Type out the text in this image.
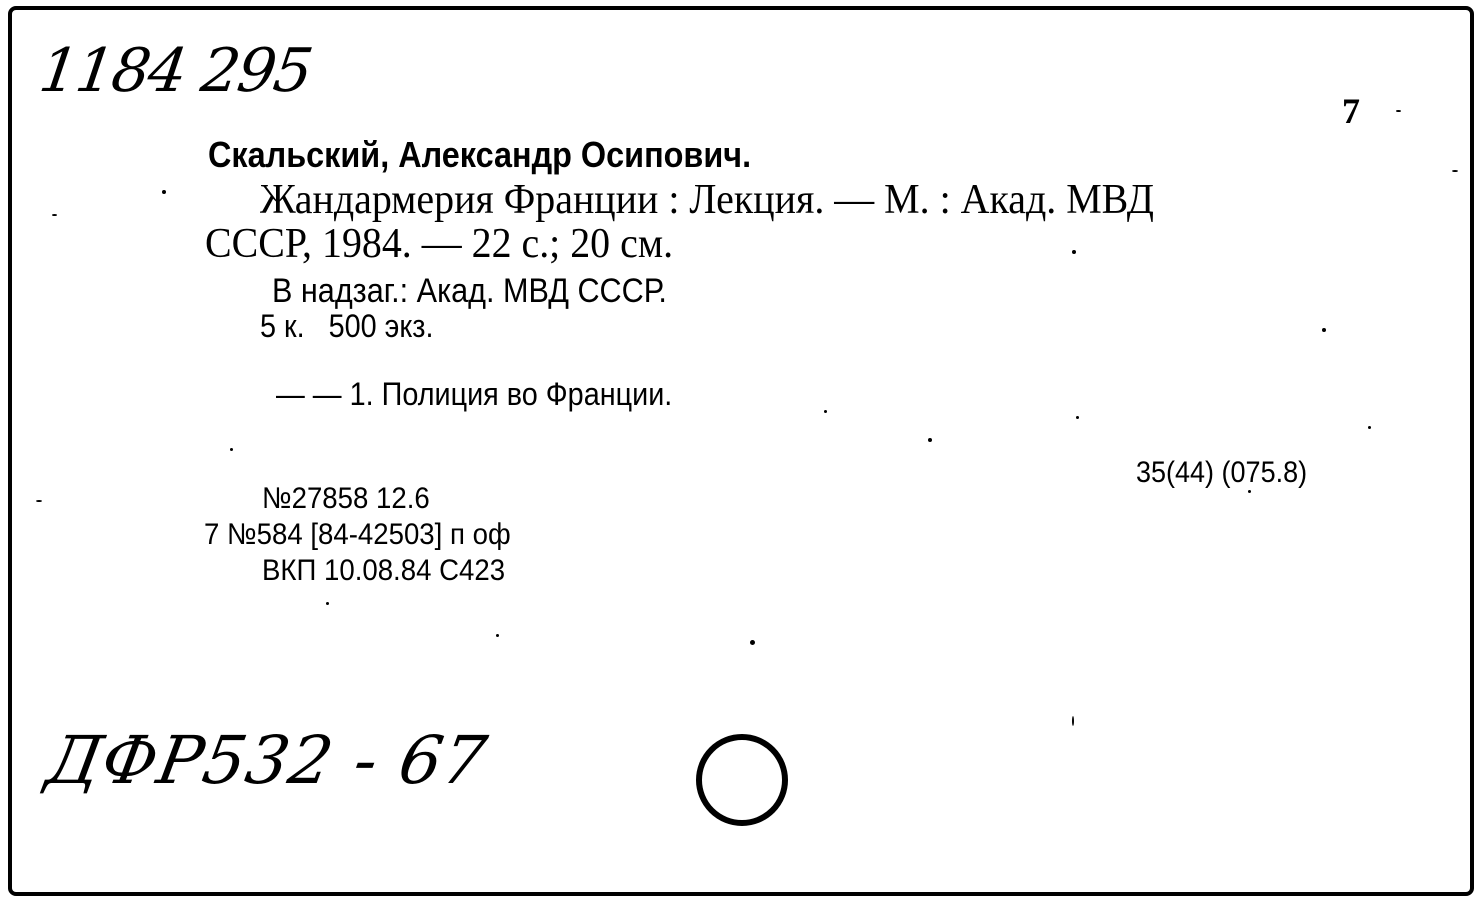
1184 295
7
Скальский, Александр Осипович.
Жандармерия Франции : Лекция. — М. : Акад. МВД
СССР, 1984. — 22 с.; 20 см.
В надзаг.: Акад. МВД СССР.
5 к.   500 экз.
— — 1. Полиция во Франции.
35(44) (075.8)
№27858 12.6
7 №584 [84-42503] п оф
ВКП 10.08.84 С423
ДФР532 - 67
